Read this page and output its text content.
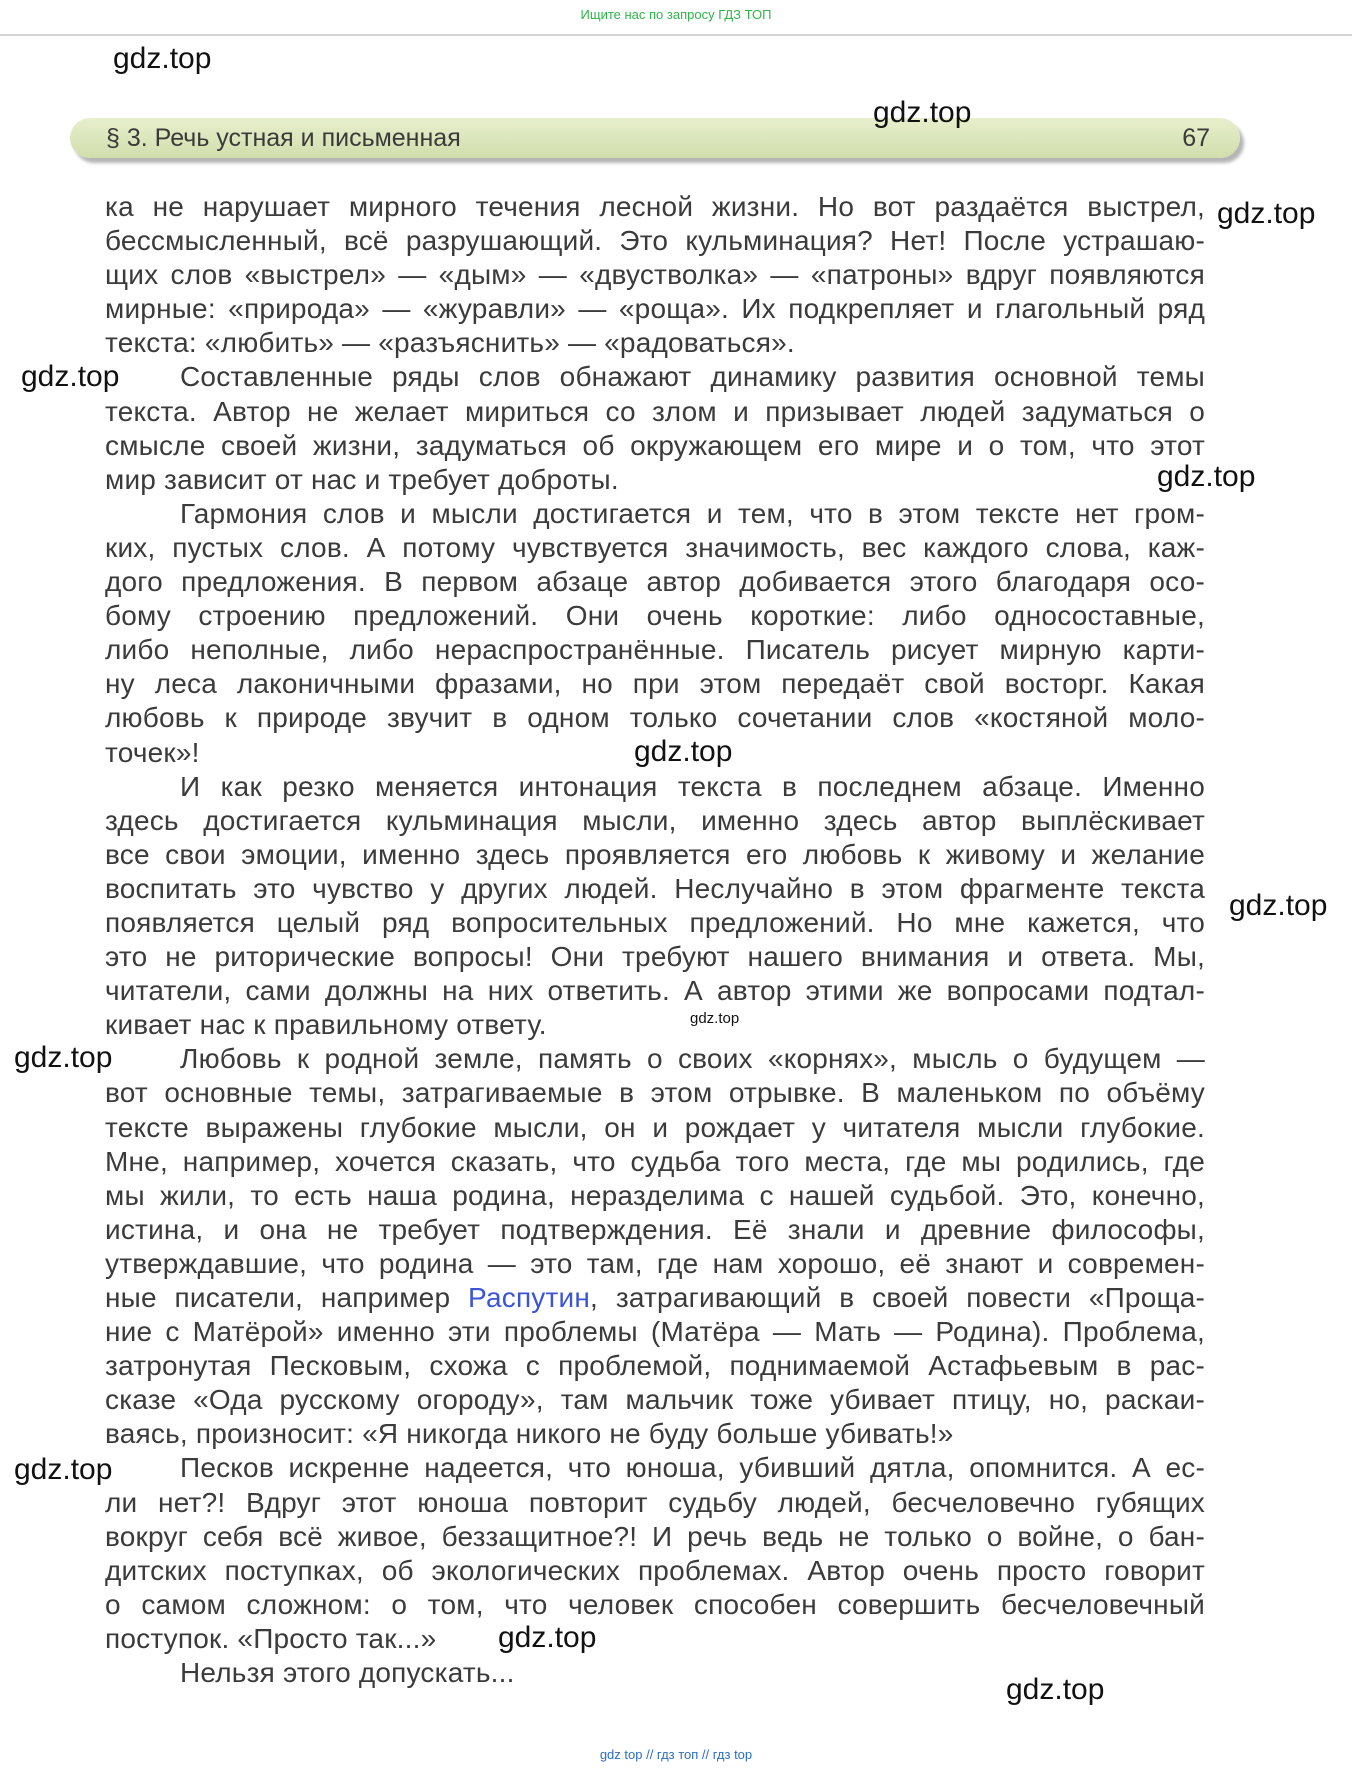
Ищите нас по запросу ГДЗ ТОП
§ 3. Речь устная и письменная	67
ка не нарушает мирного течения лесной жизни. Но вот раздаётся выстрел,
бессмысленный, всё разрушающий. Это кульминация? Нет! После устрашаю-
щих слов «выстрел» — «дым» — «двустволка» — «патроны» вдруг появляются
мирные: «природа» — «журавли» — «роща». Их подкрепляет и глагольный ряд
текста: «любить» — «разъяснить» — «радоваться».
Составленные ряды слов обнажают динамику развития основной темы
текста. Автор не желает мириться со злом и призывает людей задуматься о
смысле своей жизни, задуматься об окружающем его мире и о том, что этот
мир зависит от нас и требует доброты.
Гармония слов и мысли достигается и тем, что в этом тексте нет гром-
ких, пустых слов. А потому чувствуется значимость, вес каждого слова, каж-
дого предложения. В первом абзаце автор добивается этого благодаря осо-
бому строению предложений. Они очень короткие: либо односоставные,
либо неполные, либо нераспространённые. Писатель рисует мирную карти-
ну леса лаконичными фразами, но при этом передаёт свой восторг. Какая
любовь к природе звучит в одном только сочетании слов «костяной моло-
точек»!
И как резко меняется интонация текста в последнем абзаце. Именно
здесь достигается кульминация мысли, именно здесь автор выплёскивает
все свои эмоции, именно здесь проявляется его любовь к живому и желание
воспитать это чувство у других людей. Неслучайно в этом фрагменте текста
появляется целый ряд вопросительных предложений. Но мне кажется, что
это не риторические вопросы! Они требуют нашего внимания и ответа. Мы,
читатели, сами должны на них ответить. А автор этими же вопросами подтал-
кивает нас к правильному ответу.
Любовь к родной земле, память о своих «корнях», мысль о будущем —
вот основные темы, затрагиваемые в этом отрывке. В маленьком по объёму
тексте выражены глубокие мысли, он и рождает у читателя мысли глубокие.
Мне, например, хочется сказать, что судьба того места, где мы родились, где
мы жили, то есть наша родина, неразделима с нашей судьбой. Это, конечно,
истина, и она не требует подтверждения. Её знали и древние философы,
утверждавшие, что родина — это там, где нам хорошо, её знают и современ-
ные писатели, например Распутин, затрагивающий в своей повести «Проща-
ние с Матёрой» именно эти проблемы (Матёра — Мать — Родина). Проблема,
затронутая Песковым, схожа с проблемой, поднимаемой Астафьевым в рас-
сказе «Ода русскому огороду», там мальчик тоже убивает птицу, но, раскаи-
ваясь, произносит: «Я никогда никого не буду больше убивать!»
Песков искренне надеется, что юноша, убивший дятла, опомнится. А ес-
ли нет?! Вдруг этот юноша повторит судьбу людей, бесчеловечно губящих
вокруг себя всё живое, беззащитное?! И речь ведь не только о войне, о бан-
дитских поступках, об экологических проблемах. Автор очень просто говорит
о самом сложном: о том, что человек способен совершить бесчеловечный
поступок. «Просто так...»
Нельзя этого допускать...
gdz.top
gdz.top
gdz.top
gdz.top
gdz.top
gdz.top
gdz.top
gdz.top
gdz.top
gdz.top
gdz.top
gdz.top
gdz top // гдз топ // гдз top
